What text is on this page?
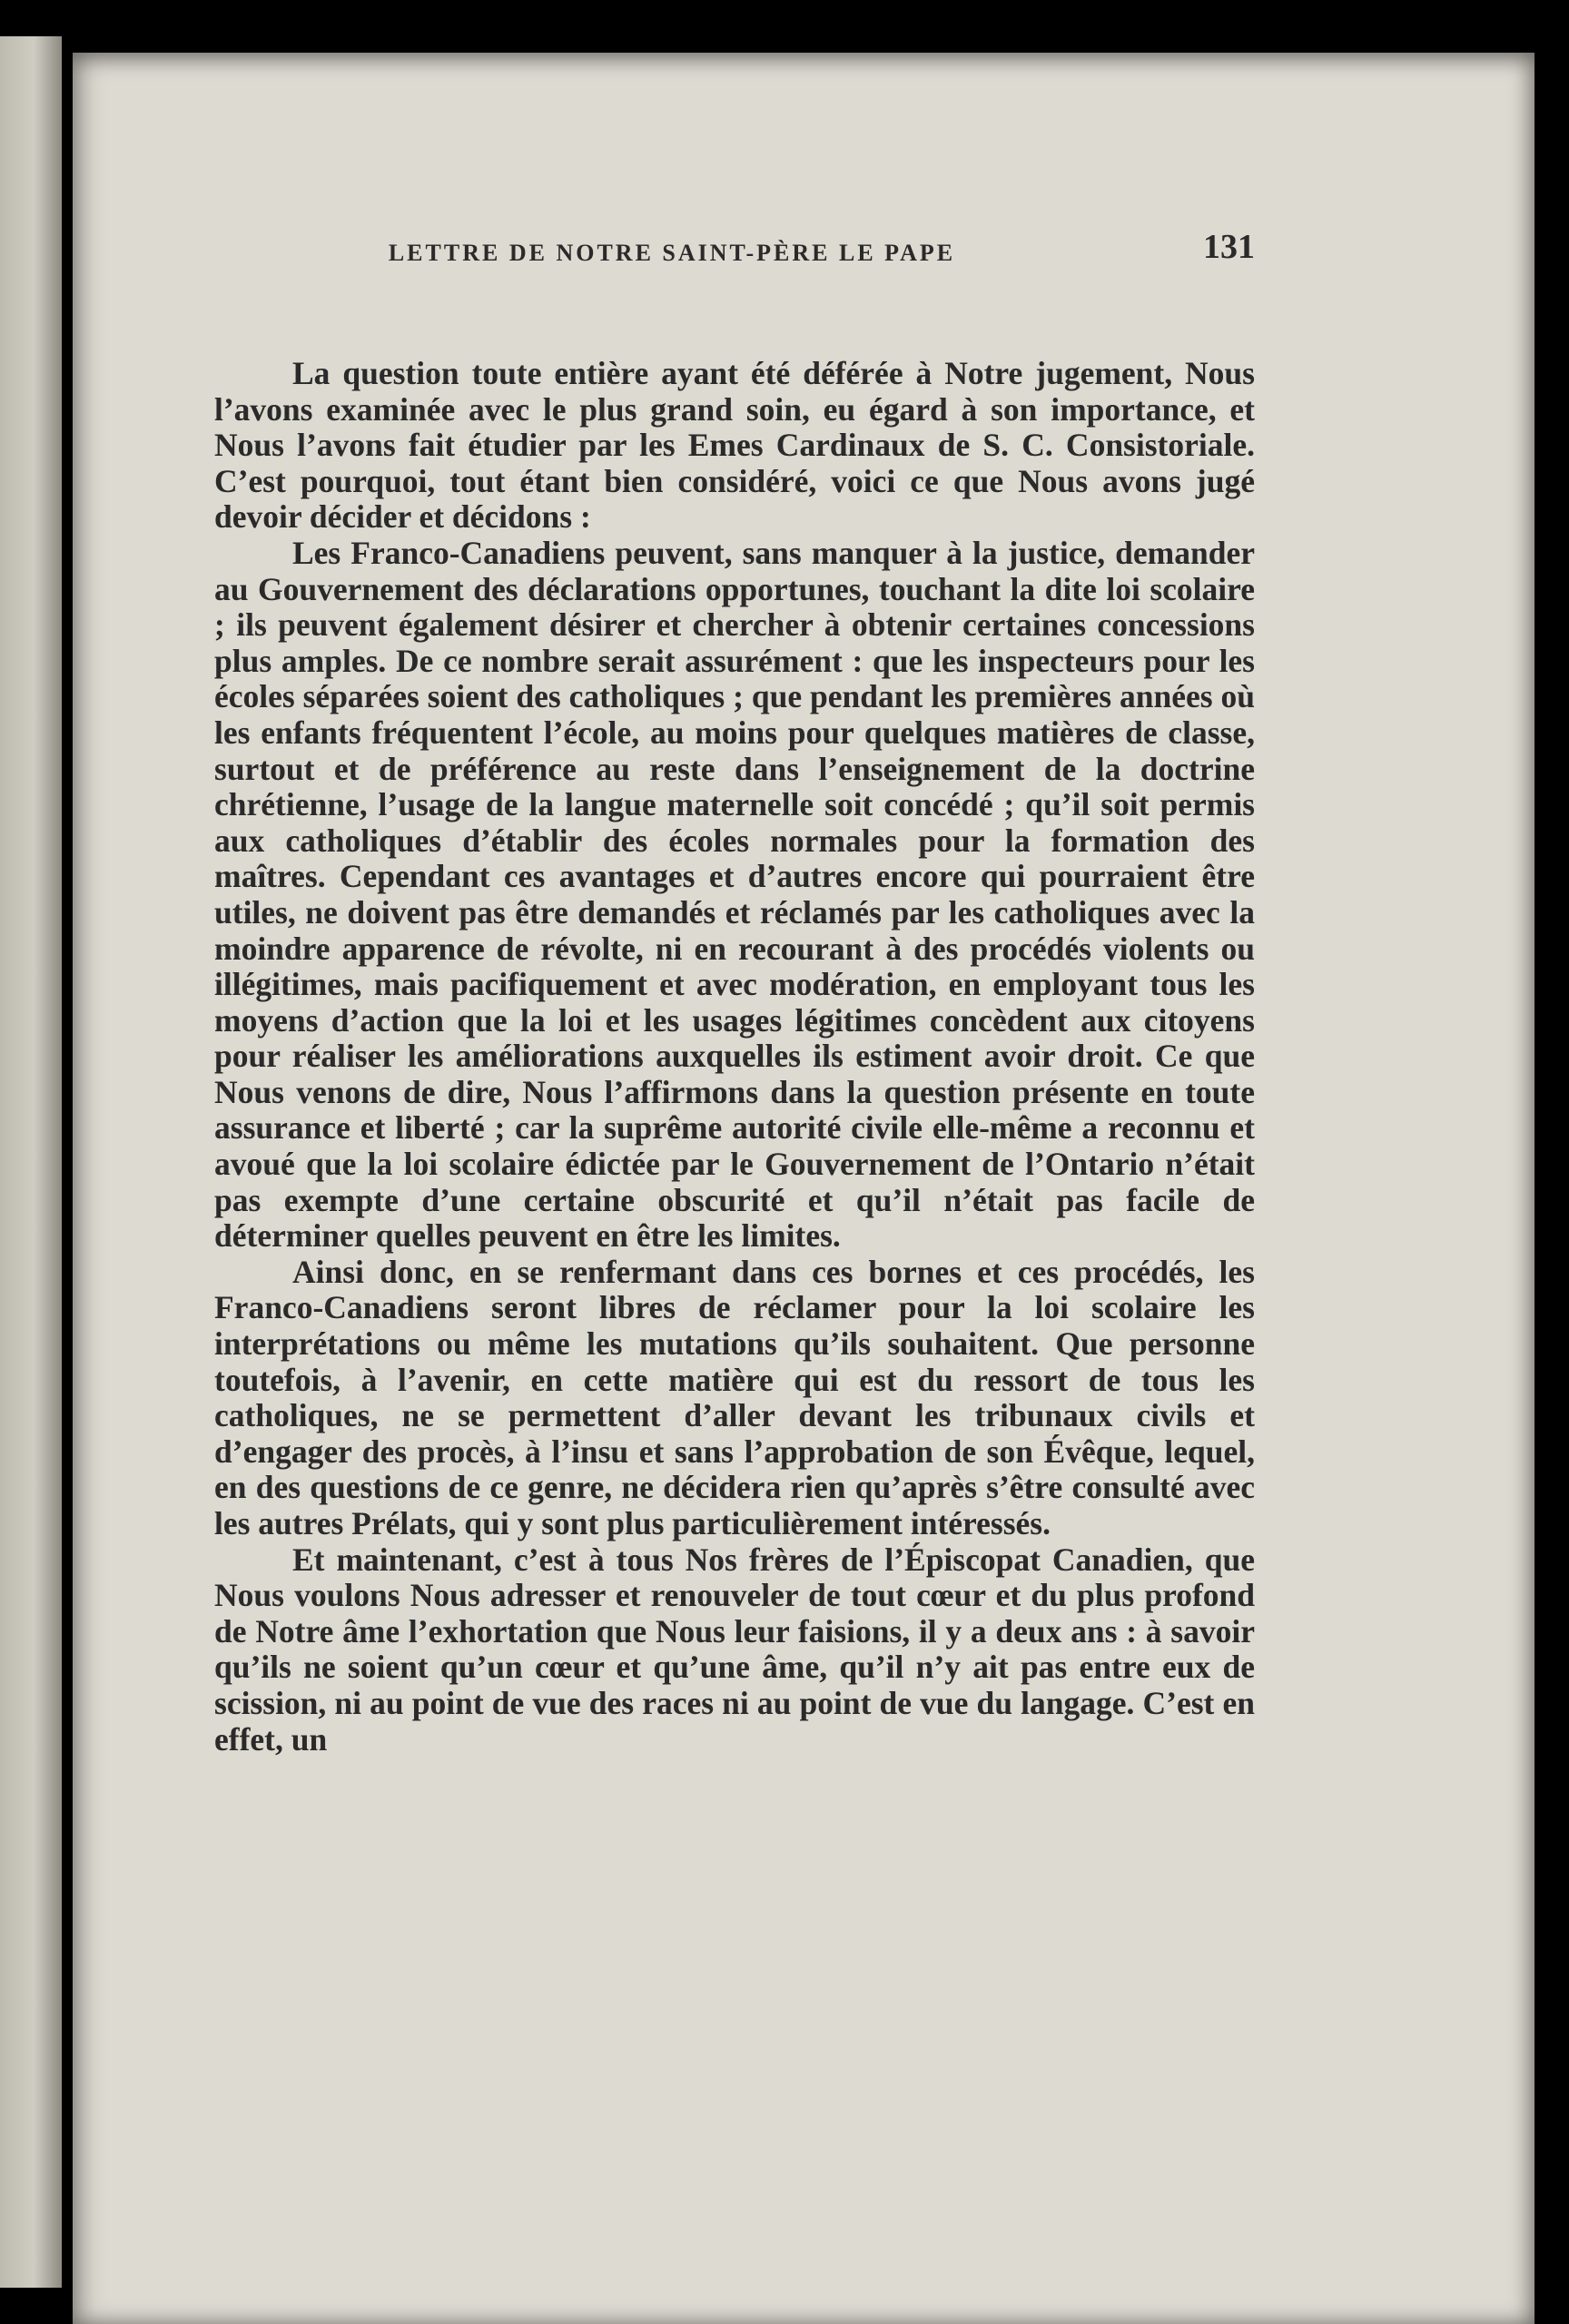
LETTRE DE NOTRE SAINT-PÈRE LE PAPE	131

La question toute entière ayant été déférée à Notre jugement, Nous l’avons examinée avec le plus grand soin, eu égard à son importance, et Nous l’avons fait étudier par les Emes Cardinaux de S. C. Consistoriale. C’est pourquoi, tout étant bien considéré, voici ce que Nous avons jugé devoir décider et décidons :

Les Franco-Canadiens peuvent, sans manquer à la justice, demander au Gouvernement des déclarations opportunes, touchant la dite loi scolaire ; ils peuvent également désirer et chercher à obtenir certaines concessions plus amples. De ce nombre serait assurément : que les inspecteurs pour les écoles séparées soient des catholiques ; que pendant les premières années où les enfants fréquentent l’école, au moins pour quelques matières de classe, surtout et de préférence au reste dans l’enseignement de la doctrine chrétienne, l’usage de la langue maternelle soit concédé ; qu’il soit permis aux catholiques d’établir des écoles normales pour la formation des maîtres. Cependant ces avantages et d’autres encore qui pourraient être utiles, ne doivent pas être demandés et réclamés par les catholiques avec la moindre apparence de révolte, ni en recourant à des procédés violents ou illégitimes, mais pacifiquement et avec modération, en employant tous les moyens d’action que la loi et les usages légitimes concèdent aux citoyens pour réaliser les améliorations auxquelles ils estiment avoir droit. Ce que Nous venons de dire, Nous l’affirmons dans la question présente en toute assurance et liberté ; car la suprême autorité civile elle-même a reconnu et avoué que la loi scolaire édictée par le Gouvernement de l’Ontario n’était pas exempte d’une certaine obscurité et qu’il n’était pas facile de déterminer quelles peuvent en être les limites.

Ainsi donc, en se renfermant dans ces bornes et ces procédés, les Franco-Canadiens seront libres de réclamer pour la loi scolaire les interprétations ou même les mutations qu’ils souhaitent. Que personne toutefois, à l’avenir, en cette matière qui est du ressort de tous les catholiques, ne se permettent d’aller devant les tribunaux civils et d’engager des procès, à l’insu et sans l’approbation de son Évêque, lequel, en des questions de ce genre, ne décidera rien qu’après s’être consulté avec les autres Prélats, qui y sont plus particulièrement intéressés.

Et maintenant, c’est à tous Nos frères de l’Épiscopat Canadien, que Nous voulons Nous adresser et renouveler de tout cœur et du plus profond de Notre âme l’exhortation que Nous leur faisions, il y a deux ans : à savoir qu’ils ne soient qu’un cœur et qu’une âme, qu’il n’y ait pas entre eux de scission, ni au point de vue des races ni au point de vue du langage. C’est en effet, un
